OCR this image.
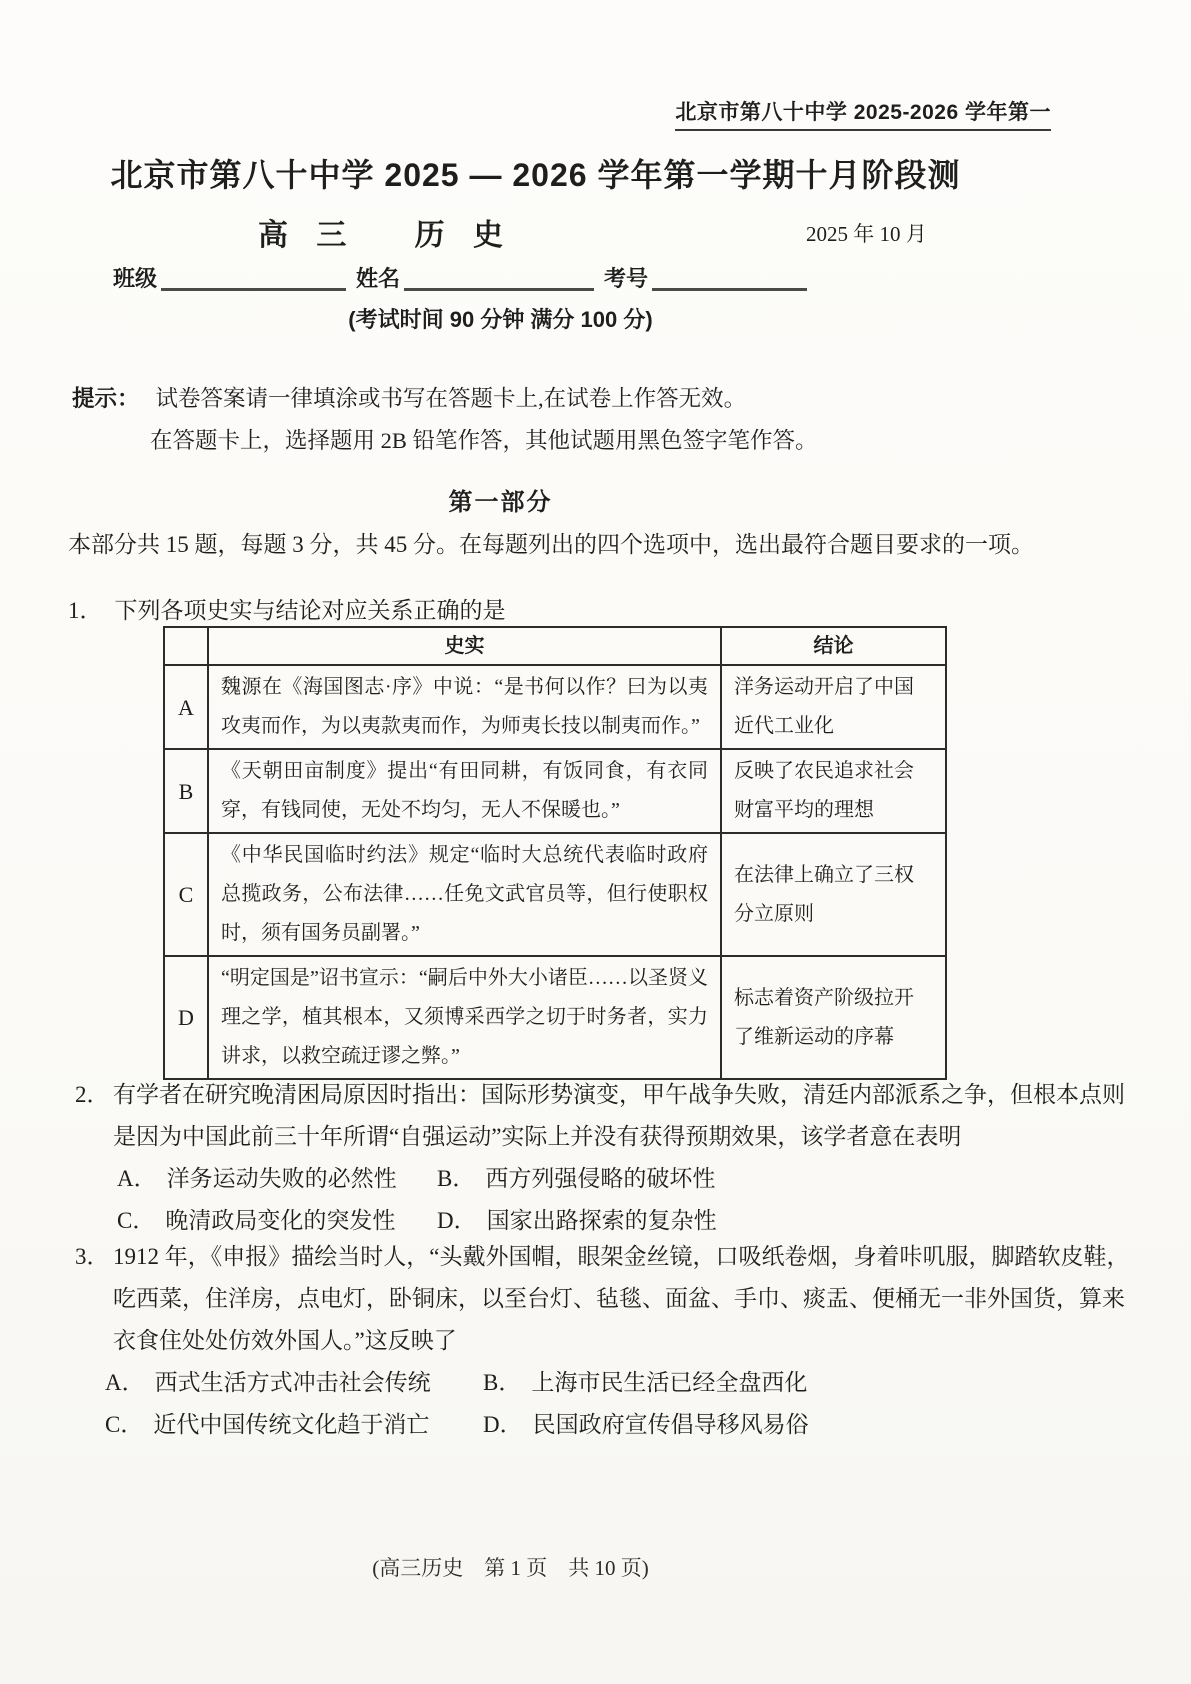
北京市第八十中学 2025-2026 学年第一
北京市第八十中学 2025 — 2026 学年第一学期十月阶段测
高 三　 历 史	2025 年 10 月
班级	姓名	考号
(考试时间 90 分钟 满分 100 分)
提示： 试卷答案请一律填涂或书写在答题卡上,在试卷上作答无效。
在答题卡上，选择题用 2B 铅笔作答，其他试题用黑色签字笔作答。
第一部分
本部分共 15 题，每题 3 分，共 45 分。在每题列出的四个选项中，选出最符合题目要求的一项。
1． 下列各项史实与结论对应关系正确的是
	史实	结论
A	魏源在《海国图志·序》中说：“是书何以作？曰为以夷攻夷而作，为以夷款夷而作，为师夷长技以制夷而作。”	洋务运动开启了中国近代工业化
B	《天朝田亩制度》提出“有田同耕，有饭同食，有衣同穿，有钱同使，无处不均匀，无人不保暖也。”	反映了农民追求社会财富平均的理想
C	《中华民国临时约法》规定“临时大总统代表临时政府总揽政务，公布法律……任免文武官员等，但行使职权时，须有国务员副署。”	在法律上确立了三权分立原则
D	“明定国是”诏书宣示：“嗣后中外大小诸臣……以圣贤义理之学，植其根本，又须博采西学之切于时务者，实力讲求，以救空疏迂谬之弊。”	标志着资产阶级拉开了维新运动的序幕
2． 有学者在研究晚清困局原因时指出：国际形势演变，甲午战争失败，清廷内部派系之争，但根本点则是因为中国此前三十年所谓“自强运动”实际上并没有获得预期效果，该学者意在表明
A． 洋务运动失败的必然性	B． 西方列强侵略的破坏性
C． 晚清政局变化的突发性	D． 国家出路探索的复杂性
3． 1912 年，《申报》描绘当时人，“头戴外国帽，眼架金丝镜，口吸纸卷烟，身着咔叽服，脚踏软皮鞋，吃西菜，住洋房，点电灯，卧铜床，以至台灯、毡毯、面盆、手巾、痰盂、便桶无一非外国货，算来衣食住处处仿效外国人。”这反映了
A． 西式生活方式冲击社会传统	B． 上海市民生活已经全盘西化
C． 近代中国传统文化趋于消亡	D． 民国政府宣传倡导移风易俗
(高三历史　第 1 页　共 10 页)
